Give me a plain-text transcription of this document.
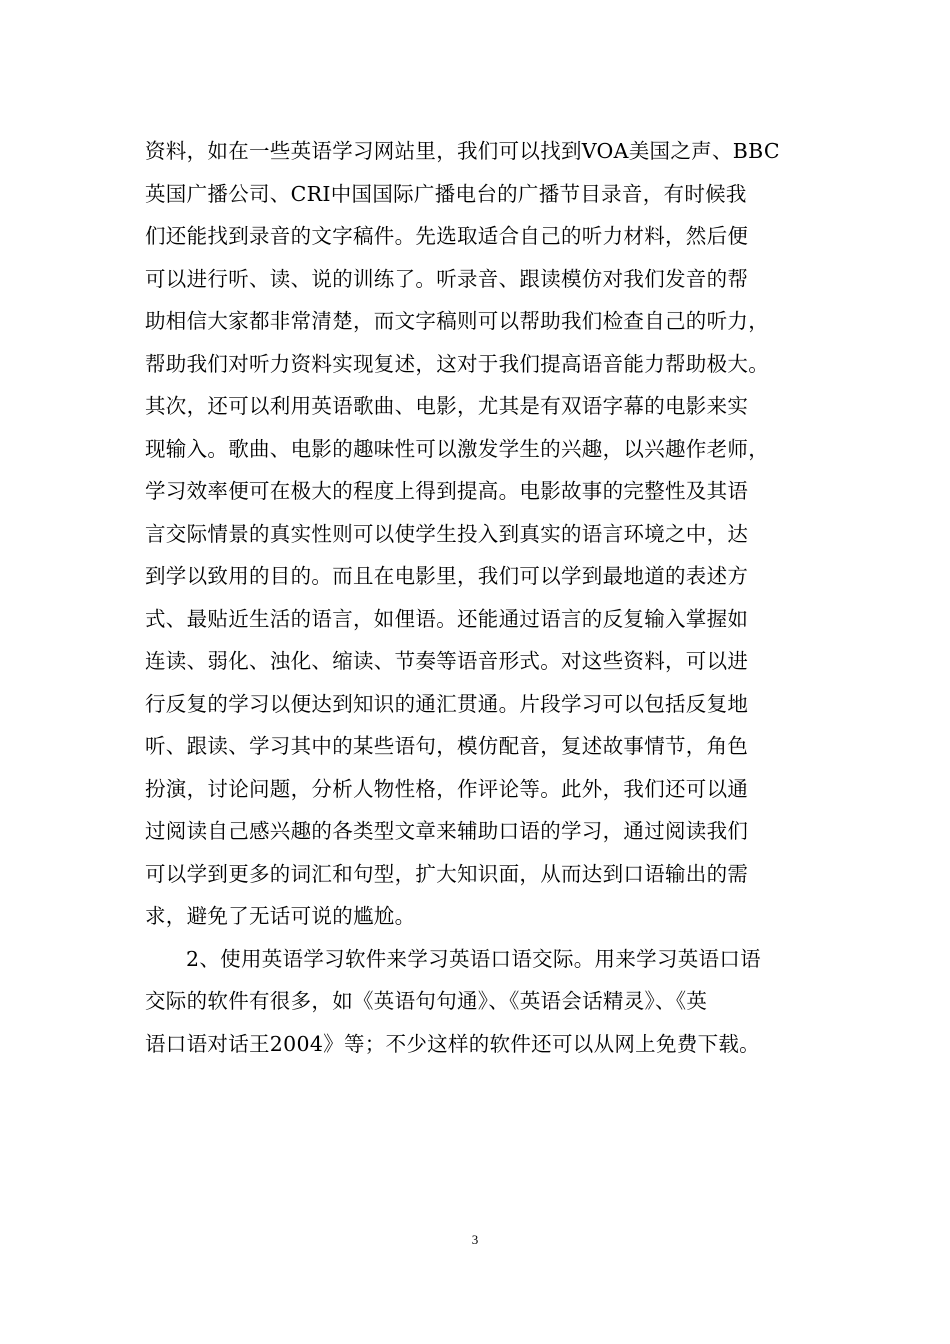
资料，如在一些英语学习网站里，我们可以找到VOA美国之声、BBC
英国广播公司、CRI中国国际广播电台的广播节目录音，有时候我
们还能找到录音的文字稿件。先选取适合自己的听力材料，然后便
可以进行听、读、说的训练了。听录音、跟读模仿对我们发音的帮
助相信大家都非常清楚，而文字稿则可以帮助我们检查自己的听力，
帮助我们对听力资料实现复述，这对于我们提高语音能力帮助极大。
其次，还可以利用英语歌曲、电影，尤其是有双语字幕的电影来实
现输入。歌曲、电影的趣味性可以激发学生的兴趣，以兴趣作老师，
学习效率便可在极大的程度上得到提高。电影故事的完整性及其语
言交际情景的真实性则可以使学生投入到真实的语言环境之中，达
到学以致用的目的。而且在电影里，我们可以学到最地道的表述方
式、最贴近生活的语言，如俚语。还能通过语言的反复输入掌握如
连读、弱化、浊化、缩读、节奏等语音形式。对这些资料，可以进
行反复的学习以便达到知识的通汇贯通。片段学习可以包括反复地
听、跟读、学习其中的某些语句，模仿配音，复述故事情节，角色
扮演，讨论问题，分析人物性格，作评论等。此外，我们还可以通
过阅读自己感兴趣的各类型文章来辅助口语的学习，通过阅读我们
可以学到更多的词汇和句型，扩大知识面，从而达到口语输出的需
求，避免了无话可说的尴尬。
2、使用英语学习软件来学习英语口语交际。用来学习英语口语
交际的软件有很多，如《英语句句通》、《英语会话精灵》、《英
语口语对话王2004》等；不少这样的软件还可以从网上免费下载。
3
